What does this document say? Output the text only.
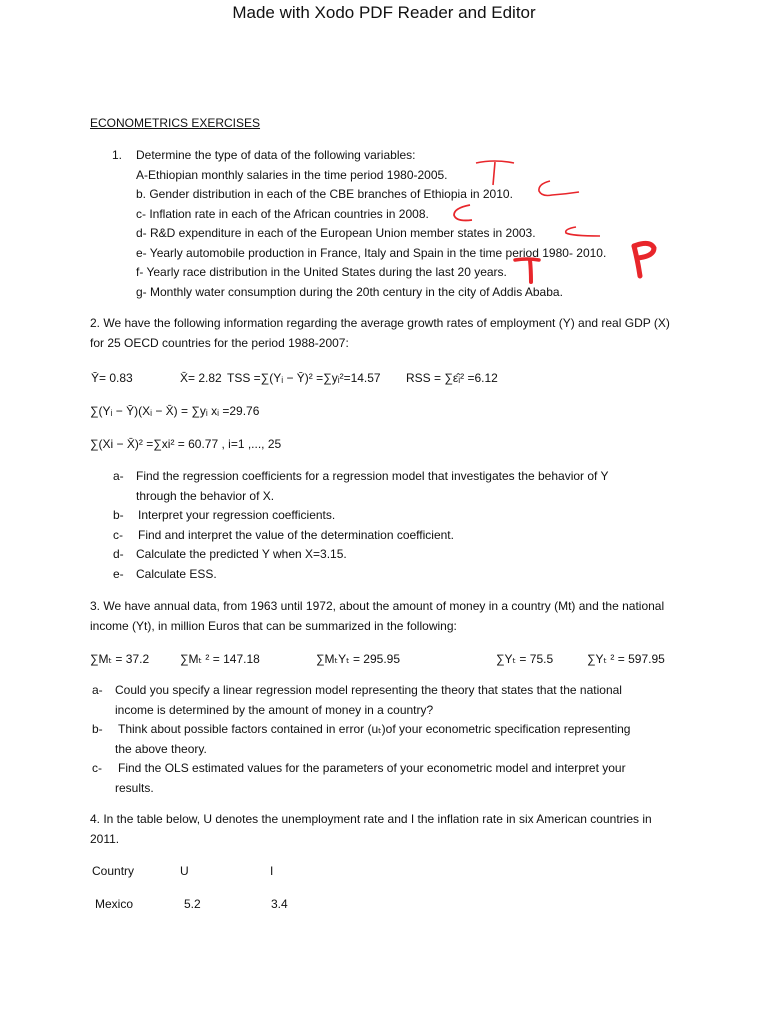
Made with Xodo PDF Reader and Editor
ECONOMETRICS EXERCISES
1. Determine the type of data of the following variables:
A-Ethiopian monthly salaries in the time period 1980-2005.
b. Gender distribution in each of the CBE branches of Ethiopia in 2010.
c- Inflation rate in each of the African countries in 2008.
d- R&D expenditure in each of the European Union member states in 2003.
e- Yearly automobile production in France, Italy and Spain in the time period 1980- 2010.
f- Yearly race distribution in the United States during the last 20 years.
g- Monthly water consumption during the 20th century in the city of Addis Ababa.
2. We have the following information regarding the average growth rates of employment (Y) and real GDP (X) for 25 OECD countries for the period 1988-2007:
Ȳ= 0.83	X̄= 2.82 TSS =∑(Yᵢ − Ȳ)² =∑yᵢ²=14.57 RSS = ∑ε̂ᵢ² =6.12
∑(Yᵢ − Ȳ)(Xᵢ − X̄) = ∑yᵢ xᵢ =29.76
∑(Xi − X̄)² =∑xi² = 60.77 , i=1 ,..., 25
a- Find the regression coefficients for a regression model that investigates the behavior of Y
through the behavior of X.
b- Interpret your regression coefficients.
c- Find and interpret the value of the determination coefficient.
d- Calculate the predicted Y when X=3.15.
e- Calculate ESS.
3. We have annual data, from 1963 until 1972, about the amount of money in a country (Mt) and the national income (Yt), in million Euros that can be summarized in the following:
∑Mₜ = 37.2	∑Mₜ ² = 147.18	∑MₜYₜ = 295.95	∑Yₜ = 75.5	∑Yₜ ² = 597.95
a- Could you specify a linear regression model representing the theory that states that the national
income is determined by the amount of money in a country?
b- Think about possible factors contained in error (uₜ)of your econometric specification representing
the above theory.
c- Find the OLS estimated values for the parameters of your econometric model and interpret your
results.
4. In the table below, U denotes the unemployment rate and I the inflation rate in six American countries in 2011.
Country	U	I
Mexico	5.2	3.4
